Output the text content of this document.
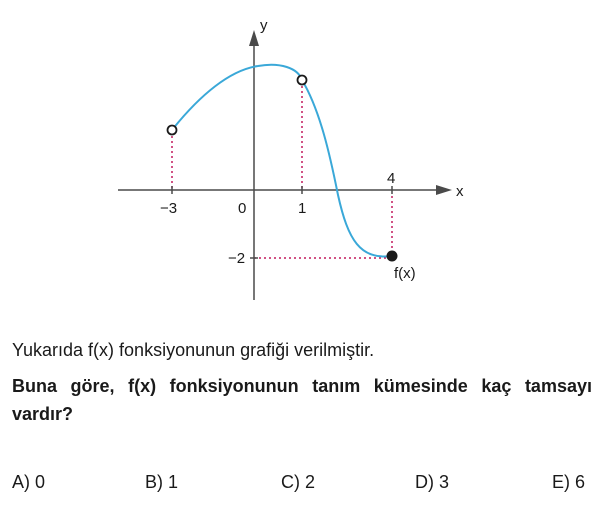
y
x
−3	0	1
4
−2
f(x)
Yukarıda f(x) fonksiyonunun grafiği verilmiştir.
Buna göre, f(x) fonksiyonunun tanım kümesinde kaç tamsayı vardır?
A) 0	B) 1	C) 2	D) 3	E) 6
